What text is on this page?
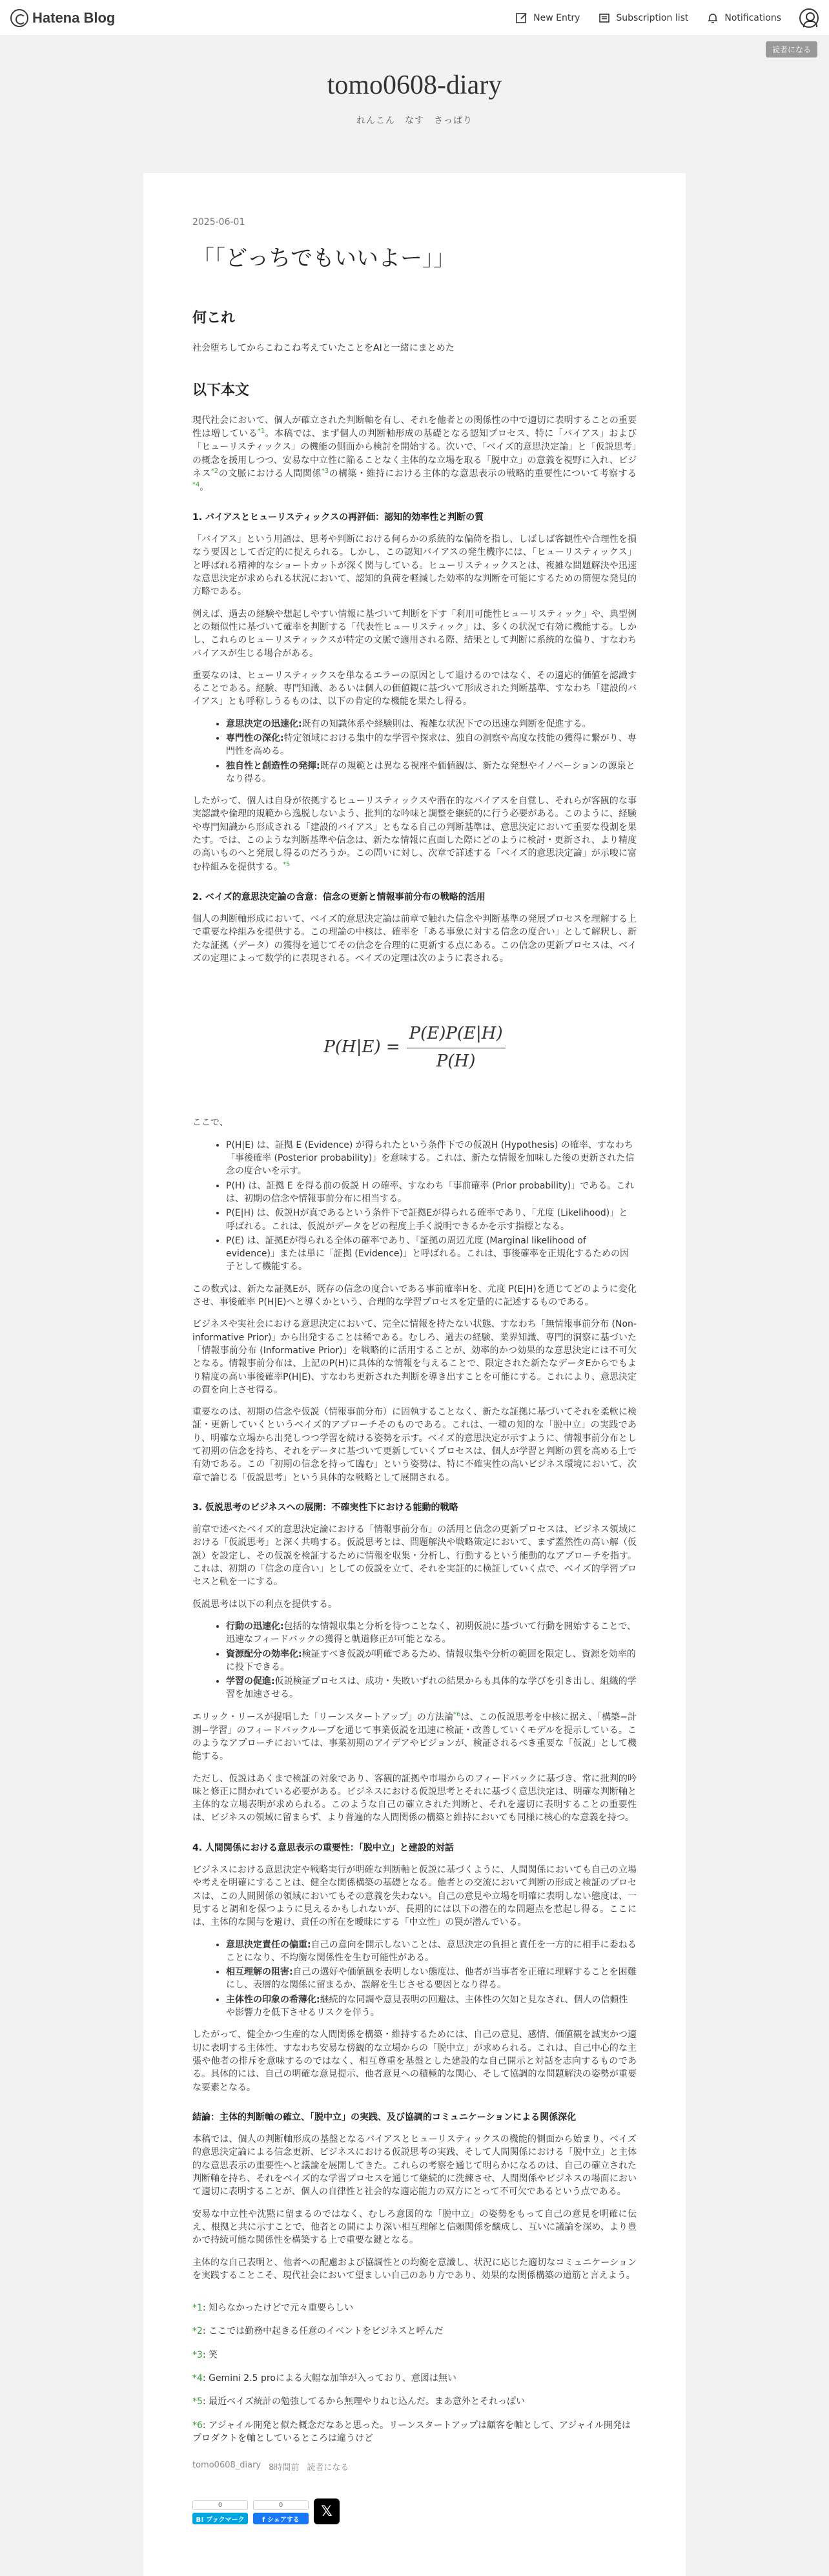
Hatena Blog	New Entry	Subscription list	Notifications
読者になる
tomo0608-diary

れんこん　なす　さっぱり

2025-06-01
「「どっちでもいいよー」」
何これ

社会堕ちしてからこねこね考えていたことをAIと一緒にまとめた

以下本文

現代社会において、個人が確立された判断軸を有し、それを他者との関係性の中で適切に表明することの重要性は増している$^{*1}$。本稿では、まず個人の判断軸形成の基礎となる認知プロセス、特に「バイアス」および「ヒューリスティックス」の機能の側面から検討を開始する。次いで、「ベイズ的意思決定論」と「仮説思考」の概念を援用しつつ、安易な中立性に陥ることなく主体的な立場を取る「脱中立」の意義を視野に入れ、ビジネス$^{*2}$の文脈における人間関係$^{*3}$の構築・維持における主体的な意思表示の戦略的重要性について考察する$^{*4}$。

1. バイアスとヒューリスティックスの再評価：認知的効率性と判断の質

「バイアス」という用語は、思考や判断における何らかの系統的な偏倚を指し、しばしば客観性や合理性を損なう要因として否定的に捉えられる。しかし、この認知バイアスの発生機序には、「ヒューリスティックス」と呼ばれる精神的なショートカットが深く関与している。ヒューリスティックスとは、複雑な問題解決や迅速な意思決定が求められる状況において、認知的負荷を軽減した効率的な判断を可能にするための簡便な発見的方略である。

例えば、過去の経験や想起しやすい情報に基づいて判断を下す「利用可能性ヒューリスティック」や、典型例との類似性に基づいて確率を判断する「代表性ヒューリスティック」は、多くの状況で有効に機能する。しかし、これらのヒューリスティックスが特定の文脈で適用される際、結果として判断に系統的な偏り、すなわちバイアスが生じる場合がある。

重要なのは、ヒューリスティックスを単なるエラーの原因として退けるのではなく、その適応的価値を認識することである。経験、専門知識、あるいは個人の価値観に基づいて形成された判断基準、すなわち「建設的バイアス」とも呼称しうるものは、以下の肯定的な機能を果たし得る。

• 意思決定の迅速化:既有の知識体系や経験則は、複雑な状況下での迅速な判断を促進する。
• 専門性の深化:特定領域における集中的な学習や探求は、独自の洞察や高度な技能の獲得に繋がり、専門性を高める。
• 独自性と創造性の発揮:既存の規範とは異なる視座や価値観は、新たな発想やイノベーションの源泉となり得る。

したがって、個人は自身が依拠するヒューリスティックスや潜在的なバイアスを自覚し、それらが客観的な事実認識や倫理的規範から逸脱しないよう、批判的な吟味と調整を継続的に行う必要がある。このように、経験や専門知識から形成される「建設的バイアス」ともなる自己の判断基準は、意思決定において重要な役割を果たす。では、このような判断基準や信念は、新たな情報に直面した際にどのように検討・更新され、より精度の高いものへと発展し得るのだろうか。この問いに対し、次章で詳述する「ベイズ的意思決定論」が示唆に富む枠組みを提供する。$^{*5}$

2. ベイズ的意思決定論の含意：信念の更新と情報事前分布の戦略的活用

個人の判断軸形成において、ベイズ的意思決定論は前章で触れた信念や判断基準の発展プロセスを理解する上で重要な枠組みを提供する。この理論の中核は、確率を「ある事象に対する信念の度合い」として解釈し、新たな証拠（データ）の獲得を通じてその信念を合理的に更新する点にある。この信念の更新プロセスは、ベイズの定理によって数学的に表現される。ベイズの定理は次のように表される。

$P(H|E) = \frac{P(E)P(E|H)}{P(H)}$

ここで、

• P(H|E) は、証拠 E (Evidence) が得られたという条件下での仮説H (Hypothesis) の確率、すなわち「事後確率 (Posterior probability)」を意味する。これは、新たな情報を加味した後の更新された信念の度合いを示す。
• P(H) は、証拠 E を得る前の仮説 H の確率、すなわち「事前確率 (Prior probability)」である。これは、初期の信念や情報事前分布に相当する。
• P(E|H) は、仮説Hが真であるという条件下で証拠Eが得られる確率であり、「尤度 (Likelihood)」と呼ばれる。これは、仮説がデータをどの程度上手く説明できるかを示す指標となる。
• P(E) は、証拠Eが得られる全体の確率であり、「証拠の周辺尤度 (Marginal likelihood of evidence)」または単に「証拠 (Evidence)」と呼ばれる。これは、事後確率を正規化するための因子として機能する。

この数式は、新たな証拠Eが、既存の信念の度合いである事前確率Hを、尤度 P(E|H)を通じてどのように変化させ、事後確率 P(H|E)へと導くかという、合理的な学習プロセスを定量的に記述するものである。

ビジネスや実社会における意思決定において、完全に情報を持たない状態、すなわち「無情報事前分布 (Non-informative Prior)」から出発することは稀である。むしろ、過去の経験、業界知識、専門的洞察に基づいた「情報事前分布 (Informative Prior)」を戦略的に活用することが、効率的かつ効果的な意思決定には不可欠となる。情報事前分布は、上記のP(H)に具体的な情報を与えることで、限定された新たなデータEからでもより精度の高い事後確率P(H|E)、すなわち更新された判断を導き出すことを可能にする。これにより、意思決定の質を向上させ得る。

重要なのは、初期の信念や仮説（情報事前分布）に固執することなく、新たな証拠に基づいてそれを柔軟に検証・更新していくというベイズ的アプローチそのものである。これは、一種の知的な「脱中立」の実践であり、明確な立場から出発しつつ学習を続ける姿勢を示す。ベイズ的意思決定が示すように、情報事前分布として初期の信念を持ち、それをデータに基づいて更新していくプロセスは、個人が学習と判断の質を高める上で有効である。この「初期の信念を持って臨む」という姿勢は、特に不確実性の高いビジネス環境において、次章で論じる「仮説思考」という具体的な戦略として展開される。

3. 仮説思考のビジネスへの展開：不確実性下における能動的戦略

前章で述べたベイズ的意思決定論における「情報事前分布」の活用と信念の更新プロセスは、ビジネス領域における「仮説思考」と深く共鳴する。仮説思考とは、問題解決や戦略策定において、まず蓋然性の高い解（仮説）を設定し、その仮説を検証するために情報を収集・分析し、行動するという能動的なアプローチを指す。これは、初期の「信念の度合い」としての仮説を立て、それを実証的に検証していく点で、ベイズ的学習プロセスと軌を一にする。

仮説思考は以下の利点を提供する。

• 行動の迅速化:包括的な情報収集と分析を待つことなく、初期仮説に基づいて行動を開始することで、迅速なフィードバックの獲得と軌道修正が可能となる。
• 資源配分の効率化:検証すべき仮説が明確であるため、情報収集や分析の範囲を限定し、資源を効率的に投下できる。
• 学習の促進:仮説検証プロセスは、成功・失敗いずれの結果からも具体的な学びを引き出し、組織的学習を加速させる。

エリック・リースが提唱した「リーンスタートアップ」の方法論$^{*6}$は、この仮説思考を中核に据え、「構築−計測−学習」のフィードバックループを通じて事業仮説を迅速に検証・改善していくモデルを提示している。このようなアプローチにおいては、事業初期のアイデアやビジョンが、検証されるべき重要な「仮説」として機能する。

ただし、仮説はあくまで検証の対象であり、客観的証拠や市場からのフィードバックに基づき、常に批判的吟味と修正に開かれている必要がある。ビジネスにおける仮説思考とそれに基づく意思決定は、明確な判断軸と主体的な立場表明が求められる。このような自己の確立された判断と、それを適切に表明することの重要性は、ビジネスの領域に留まらず、より普遍的な人間関係の構築と維持においても同様に核心的な意義を持つ。

4. 人間関係における意思表示の重要性：「脱中立」と建設的対話

ビジネスにおける意思決定や戦略実行が明確な判断軸と仮説に基づくように、人間関係においても自己の立場や考えを明確にすることは、健全な関係構築の基礎となる。他者との交流において判断の形成と検証のプロセスは、この人間関係の領域においてもその意義を失わない。自己の意見や立場を明確に表明しない態度は、一見すると調和を保つように見えるかもしれないが、長期的には以下の潜在的な問題点を惹起し得る。ここには、主体的な関与を避け、責任の所在を曖昧にする「中立性」の罠が潜んでいる。

• 意思決定責任の偏重:自己の意向を開示しないことは、意思決定の負担と責任を一方的に相手に委ねることになり、不均衡な関係性を生む可能性がある。
• 相互理解の阻害:自己の選好や価値観を表明しない態度は、他者が当事者を正確に理解することを困難にし、表層的な関係に留まるか、誤解を生じさせる要因となり得る。
• 主体性の印象の希薄化:継続的な同調や意見表明の回避は、主体性の欠如と見なされ、個人の信頼性や影響力を低下させるリスクを伴う。

したがって、健全かつ生産的な人間関係を構築・維持するためには、自己の意見、感情、価値観を誠実かつ適切に表明する主体性、すなわち安易な傍観的な立場からの「脱中立」が求められる。これは、自己中心的な主張や他者の排斥を意味するのではなく、相互尊重を基盤とした建設的な自己開示と対話を志向するものである。具体的には、自己の明確な意見提示、他者意見への積極的な関心、そして協調的な問題解決の姿勢が重要な要素となる。

結論：主体的判断軸の確立、「脱中立」の実践、及び協調的コミュニケーションによる関係深化

本稿では、個人の判断軸形成の基盤となるバイアスとヒューリスティックスの機能的側面から始まり、ベイズ的意思決定論による信念更新、ビジネスにおける仮説思考の実践、そして人間関係における「脱中立」と主体的な意思表示の重要性へと議論を展開してきた。これらの考察を通じて明らかになるのは、自己の確立された判断軸を持ち、それをベイズ的な学習プロセスを通じて継続的に洗練させ、人間関係やビジネスの場面において適切に表明することが、個人の自律性と社会的な適応能力の双方にとって不可欠であるという点である。

安易な中立性や沈黙に留まるのではなく、むしろ意図的な「脱中立」の姿勢をもって自己の意見を明確に伝え、根拠と共に示すことで、他者との間により深い相互理解と信頼関係を醸成し、互いに議論を深め、より豊かで持続可能な関係性を構築する上で重要な鍵となる。

主体的な自己表明と、他者への配慮および協調性との均衡を意識し、状況に応じた適切なコミュニケーションを実践することこそ、現代社会において望ましい自己のあり方であり、効果的な関係構築の道筋と言えよう。

*1: 知らなかったけどで元々重要らしい
*2: ここでは勤務中起きる任意のイベントをビジネスと呼んだ
*3: 笑
*4: Gemini 2.5 proによる大幅な加筆が入っており、意図は無い
*5: 最近ベイズ統計の勉強してるから無理やりねじ込んだ。まあ意外とそれっぽい
*6: アジャイル開発と似た概念だなあと思った。リーンスタートアップは顧客を軸として、アジャイル開発はプロダクトを軸としているところは違うけど
tomo0608_diary 8時間前 読者になる
0
B! ブックマーク
0
f シェアする
𝕏
